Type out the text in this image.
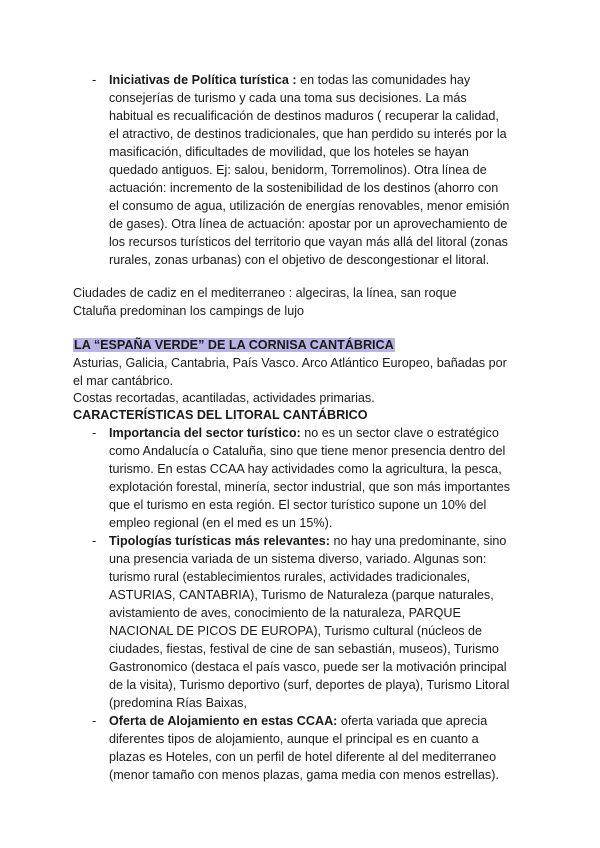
- Iniciativas de Política turística : en todas las comunidades hay
consejerías de turismo y cada una toma sus decisiones. La más
habitual es recualificación de destinos maduros ( recuperar la calidad,
el atractivo, de destinos tradicionales, que han perdido su interés por la
masificación, dificultades de movilidad, que los hoteles se hayan
quedado antiguos. Ej: salou, benidorm, Torremolinos). Otra línea de
actuación: incremento de la sostenibilidad de los destinos (ahorro con
el consumo de agua, utilización de energías renovables, menor emisión
de gases). Otra línea de actuación: apostar por un aprovechamiento de
los recursos turísticos del territorio que vayan más allá del litoral (zonas
rurales, zonas urbanas) con el objetivo de descongestionar el litoral.
Ciudades de cadiz en el mediterraneo : algeciras, la línea, san roque
Ctaluña predominan los campings de lujo
LA “ESPAÑA VERDE” DE LA CORNISA CANTÁBRICA
Asturias, Galicia, Cantabria, País Vasco. Arco Atlántico Europeo, bañadas por
el mar cantábrico.
Costas recortadas, acantiladas, actividades primarias.
CARACTERÍSTICAS DEL LITORAL CANTÁBRICO
- Importancia del sector turístico: no es un sector clave o estratégico
como Andalucía o Cataluña, sino que tiene menor presencia dentro del
turismo. En estas CCAA hay actividades como la agricultura, la pesca,
explotación forestal, minería, sector industrial, que son más importantes
que el turismo en esta región. El sector turístico supone un 10% del
empleo regional (en el med es un 15%).
- Tipologías turísticas más relevantes: no hay una predominante, sino
una presencia variada de un sistema diverso, variado. Algunas son:
turismo rural (establecimientos rurales, actividades tradicionales,
ASTURIAS, CANTABRIA), Turismo de Naturaleza (parque naturales,
avistamiento de aves, conocimiento de la naturaleza, PARQUE
NACIONAL DE PICOS DE EUROPA), Turismo cultural (núcleos de
ciudades, fiestas, festival de cine de san sebastián, museos), Turismo
Gastronomico (destaca el país vasco, puede ser la motivación principal
de la visita), Turismo deportivo (surf, deportes de playa), Turismo Litoral
(predomina Rías Baixas,
- Oferta de Alojamiento en estas CCAA: oferta variada que aprecia
diferentes tipos de alojamiento, aunque el principal es en cuanto a
plazas es Hoteles, con un perfil de hotel diferente al del mediterraneo
(menor tamaño con menos plazas, gama media con menos estrellas).
